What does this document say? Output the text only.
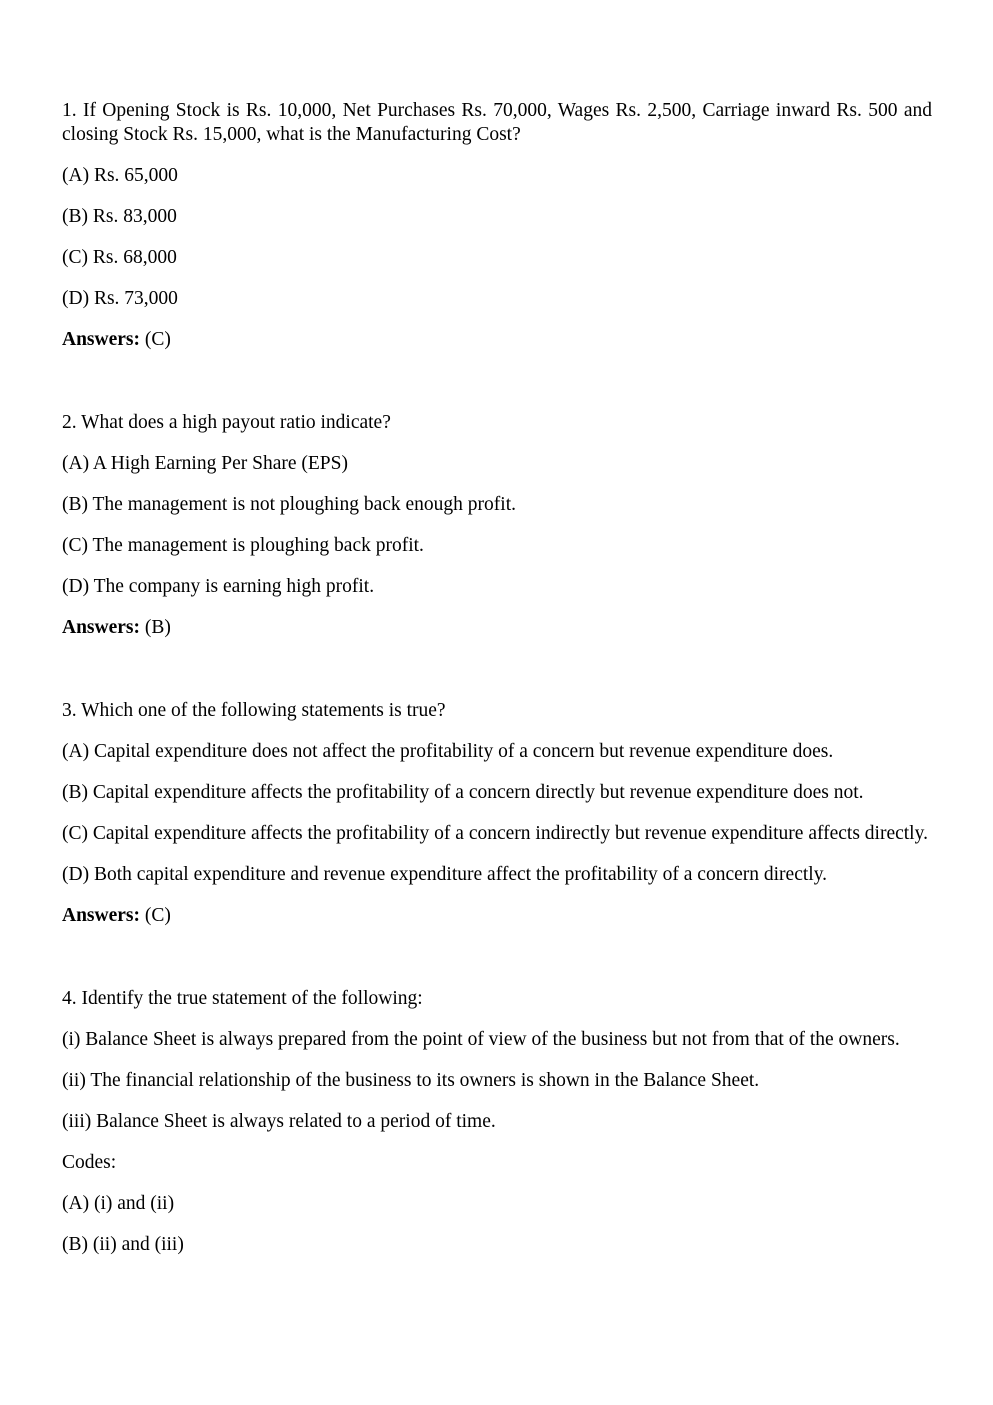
1. If Opening Stock is Rs. 10,000, Net Purchases Rs. 70,000, Wages Rs. 2,500, Carriage inward Rs. 500 and closing Stock Rs. 15,000, what is the Manufacturing Cost?

(A) Rs. 65,000

(B) Rs. 83,000

(C) Rs. 68,000

(D) Rs. 73,000

Answers: (C)

2. What does a high payout ratio indicate?

(A) A High Earning Per Share (EPS)

(B) The management is not ploughing back enough profit.

(C) The management is ploughing back profit.

(D) The company is earning high profit.

Answers: (B)

3. Which one of the following statements is true?

(A) Capital expenditure does not affect the profitability of a concern but revenue expenditure does.

(B) Capital expenditure affects the profitability of a concern directly but revenue expenditure does not.

(C) Capital expenditure affects the profitability of a concern indirectly but revenue expenditure affects directly.

(D) Both capital expenditure and revenue expenditure affect the profitability of a concern directly.

Answers: (C)

4. Identify the true statement of the following:

(i) Balance Sheet is always prepared from the point of view of the business but not from that of the owners.

(ii) The financial relationship of the business to its owners is shown in the Balance Sheet.

(iii) Balance Sheet is always related to a period of time.

Codes:

(A) (i) and (ii)

(B) (ii) and (iii)
